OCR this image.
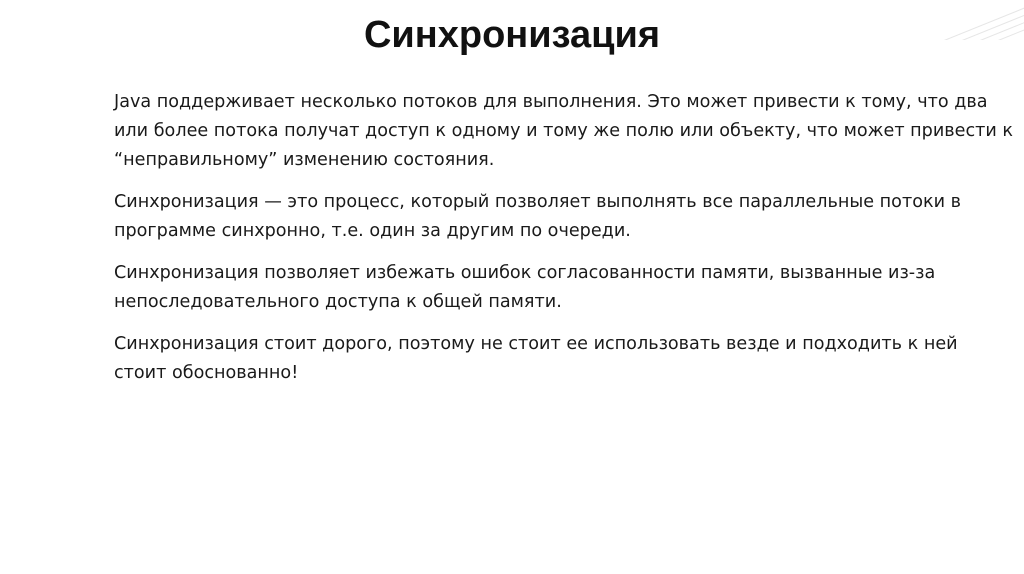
Синхронизация

Java поддерживает несколько потоков для выполнения. Это может привести к тому, что два или более потока получат доступ к одному и тому же полю или объекту, что может привести к “неправильному” изменению состояния.

Синхронизация — это процесс, который позволяет выполнять все параллельные потоки в программе синхронно, т.е. один за другим по очереди.

Синхронизация позволяет избежать ошибок согласованности памяти, вызванные из-за непоследовательного доступа к общей памяти.

Синхронизация стоит дорого, поэтому не стоит ее использовать везде и подходить к ней стоит обоснованно!
